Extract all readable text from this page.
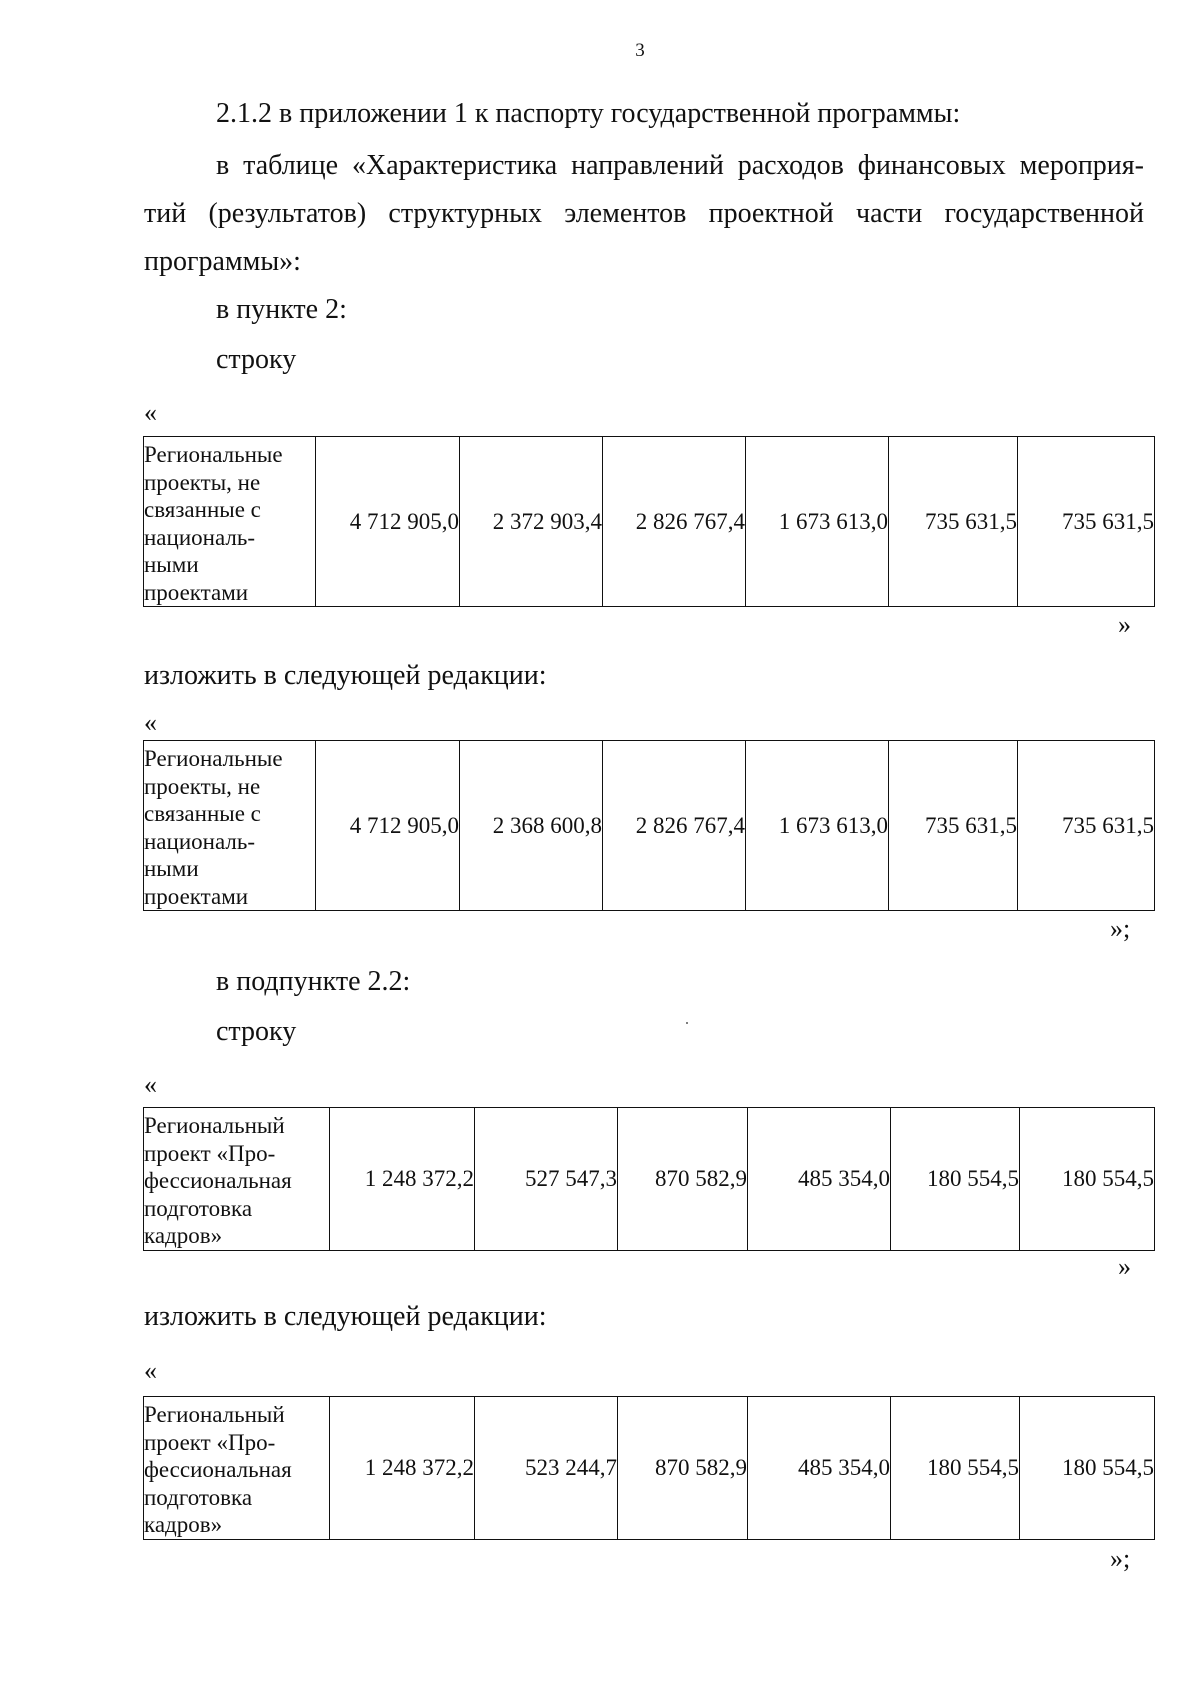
3

2.1.2 в приложении 1 к паспорту государственной программы:

в таблице «Характеристика направлений расходов финансовых мероприя-

тий (результатов) структурных элементов проектной части государственной

программы»:

в пункте 2:

строку

«
Региональные
проекты, не
связанные с
националь-
ными
проектами
	4 712 905,0	2 372 903,4	2 826 767,4	1 673 613,0	735 631,5	735 631,5
»

изложить в следующей редакции:

«
Региональные
проекты, не
связанные с
националь-
ными
проектами
	4 712 905,0	2 368 600,8	2 826 767,4	1 673 613,0	735 631,5	735 631,5
»;

в подпункте 2.2:

строку

«
Региональный
проект «Про-
фессиональная
подготовка
кадров»
	1 248 372,2	527 547,3	870 582,9	485 354,0	180 554,5	180 554,5
»

изложить в следующей редакции:

«
Региональный
проект «Про-
фессиональная
подготовка
кадров»
	1 248 372,2	523 244,7	870 582,9	485 354,0	180 554,5	180 554,5
»;
